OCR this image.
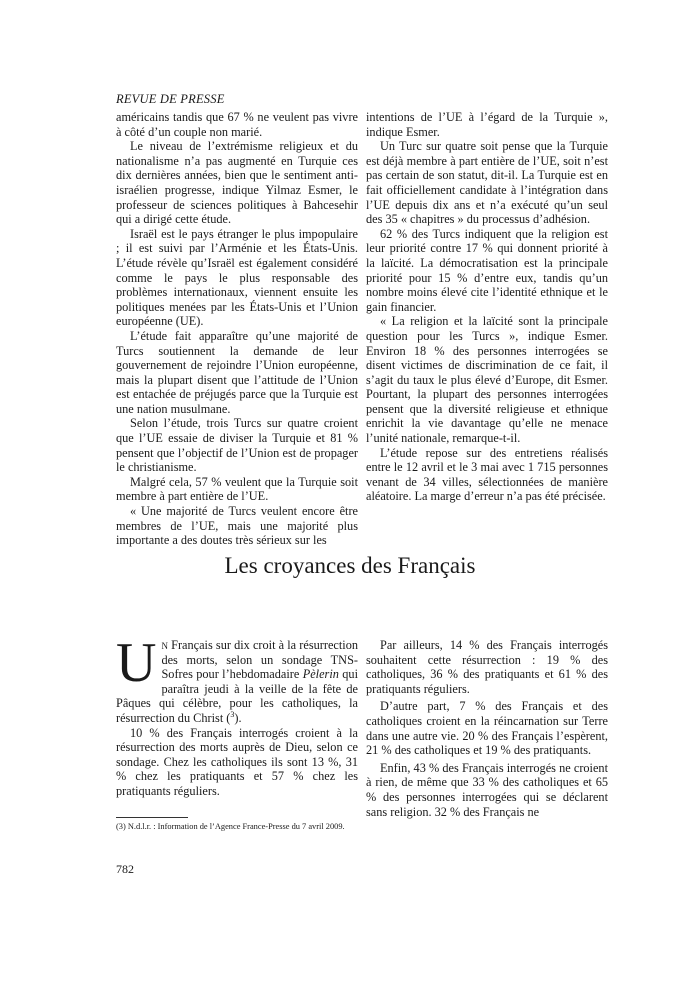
REVUE DE PRESSE

américains tandis que 67 % ne veulent pas vivre à côté d’un couple non marié.

Le niveau de l’extrémisme religieux et du nationalisme n’a pas augmenté en Turquie ces dix dernières années, bien que le sentiment anti-israélien progresse, indique Yilmaz Esmer, le professeur de sciences politiques à Bahcesehir qui a dirigé cette étude.

Israël est le pays étranger le plus impopulaire ; il est suivi par l’Arménie et les États-Unis. L’étude révèle qu’Israël est également considéré comme le pays le plus responsable des problèmes internationaux, viennent ensuite les politiques menées par les États-Unis et l’Union européenne (UE).

L’étude fait apparaître qu’une majorité de Turcs soutiennent la demande de leur gouvernement de rejoindre l’Union européenne, mais la plupart disent que l’attitude de l’Union est entachée de préjugés parce que la Turquie est une nation musulmane.

Selon l’étude, trois Turcs sur quatre croient que l’UE essaie de diviser la Turquie et 81 % pensent que l’objectif de l’Union est de propager le christianisme.

Malgré cela, 57 % veulent que la Turquie soit membre à part entière de l’UE.

« Une majorité de Turcs veulent encore être membres de l’UE, mais une majorité plus importante a des doutes très sérieux sur les

intentions de l’UE à l’égard de la Turquie », indique Esmer.

Un Turc sur quatre soit pense que la Turquie est déjà membre à part entière de l’UE, soit n’est pas certain de son statut, dit-il. La Turquie est en fait officiellement candidate à l’intégration dans l’UE depuis dix ans et n’a exécuté qu’un seul des 35 « chapitres » du processus d’adhésion.

62 % des Turcs indiquent que la religion est leur priorité contre 17 % qui donnent priorité à la laïcité. La démocratisation est la principale priorité pour 15 % d’entre eux, tandis qu’un nombre moins élevé cite l’identité ethnique et le gain financier.

« La religion et la laïcité sont la principale question pour les Turcs », indique Esmer. Environ 18 % des personnes interrogées se disent victimes de discrimination de ce fait, il s’agit du taux le plus élevé d’Europe, dit Esmer. Pourtant, la plupart des personnes interrogées pensent que la diversité religieuse et ethnique enrichit la vie davantage qu’elle ne menace l’unité nationale, remarque-t-il.

L’étude repose sur des entretiens réalisés entre le 12 avril et le 3 mai avec 1 715 personnes venant de 34 villes, sélectionnées de manière aléatoire. La marge d’erreur n’a pas été précisée.

Les croyances des Français

Un Français sur dix croit à la résurrection des morts, selon un sondage TNS-Sofres pour l’hebdomadaire Pèlerin qui paraîtra jeudi à la veille de la fête de Pâques qui célèbre, pour les catholiques, la résurrection du Christ ($^3$).

10 % des Français interrogés croient à la résurrection des morts auprès de Dieu, selon ce sondage. Chez les catholiques ils sont 13 %, 31 % chez les pratiquants et 57 % chez les pratiquants réguliers.

Par ailleurs, 14 % des Français interrogés souhaitent cette résurrection : 19 % des catholiques, 36 % des pratiquants et 61 % des pratiquants réguliers.

D’autre part, 7 % des Français et des catholiques croient en la réincarnation sur Terre dans une autre vie. 20 % des Français l’espèrent, 21 % des catholiques et 19 % des pratiquants.

Enfin, 43 % des Français interrogés ne croient à rien, de même que 33 % des catholiques et 65 % des personnes interrogées qui se déclarent sans religion. 32 % des Français ne

(3) N.d.l.r. : Information de l’Agence France-Presse du 7 avril 2009.
782
